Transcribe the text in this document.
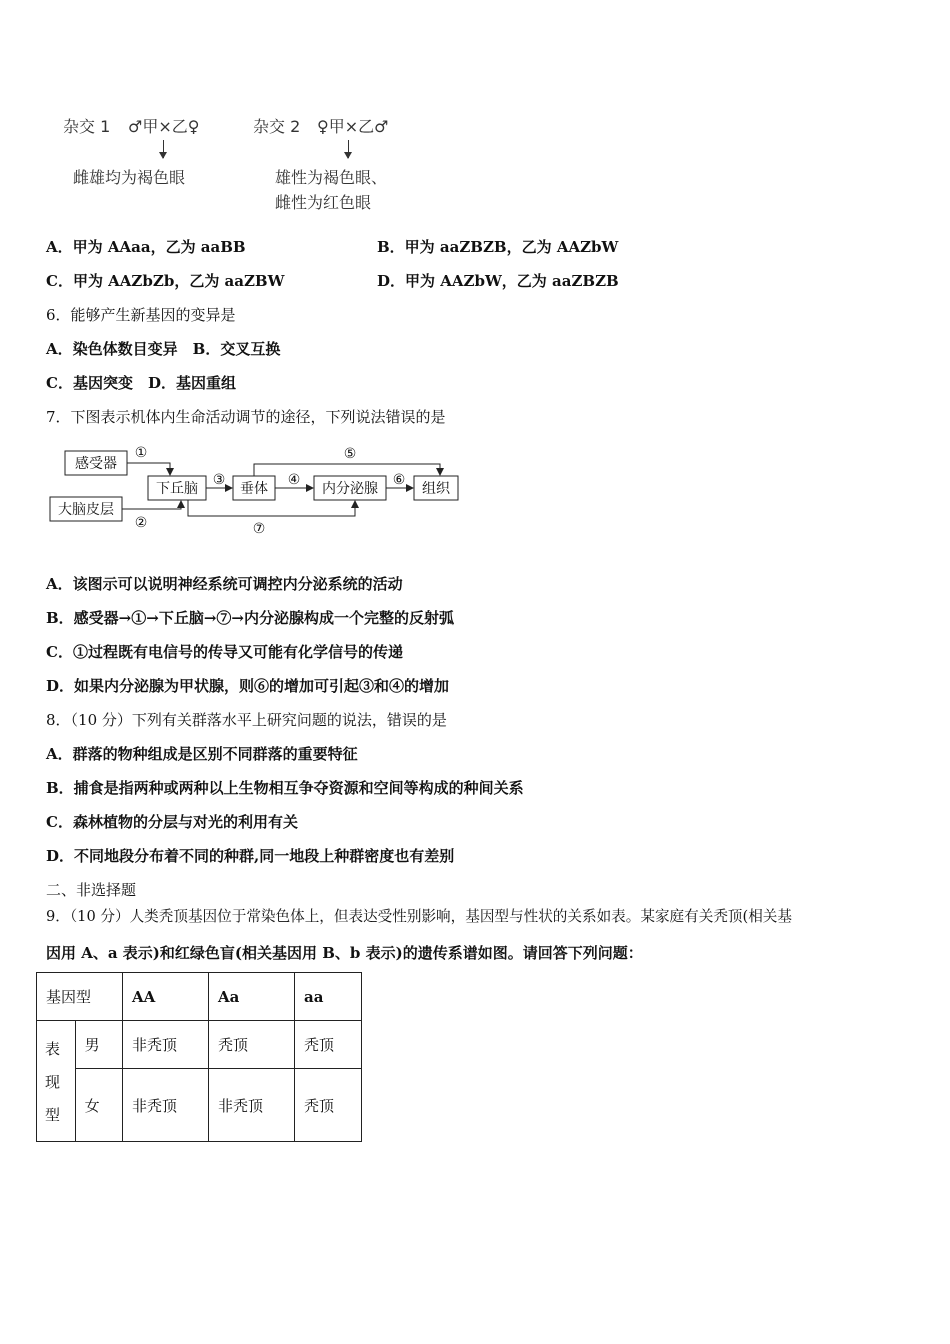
杂交 1 ♂甲×乙♀
雌雄均为褐色眼
杂交 2 ♀甲×乙♂
雄性为褐色眼、
雌性为红色眼
A．甲为 AAaa，乙为 aaBB	B．甲为 aaZBZB，乙为 AAZbW
C．甲为 AAZbZb，乙为 aaZBW	D．甲为 AAZbW，乙为 aaZBZB
6．能够产生新基因的变异是
A．染色体数目变异　B．交叉互换
C．基因突变　D．基因重组
7．下图表示机体内生命活动调节的途径，下列说法错误的是
感受器
大脑皮层
下丘脑	垂体	内分泌腺	组织
①
②
③	④
⑤
⑥
⑦
A．该图示可以说明神经系统可调控内分泌系统的活动
B．感受器→①→下丘脑→⑦→内分泌腺构成一个完整的反射弧
C．①过程既有电信号的传导又可能有化学信号的传递
D．如果内分泌腺为甲状腺，则⑥的增加可引起③和④的增加
8．（10 分）下列有关群落水平上研究问题的说法，错误的是
A．群落的物种组成是区别不同群落的重要特征
B．捕食是指两种或两种以上生物相互争夺资源和空间等构成的种间关系
C．森林植物的分层与对光的利用有关
D．不同地段分布着不同的种群,同一地段上种群密度也有差别
二、非选择题
9．（10 分）人类秃顶基因位于常染色体上，但表达受性别影响，基因型与性状的关系如表。某家庭有关秃顶(相关基
因用 A、a 表示)和红绿色盲(相关基因用 B、b 表示)的遗传系谱如图。请回答下列问题：
基因型		AA	Aa	aa

表
现
型	男	非秃顶	秃顶	秃顶
	女	非秃顶	非秃顶	秃顶
